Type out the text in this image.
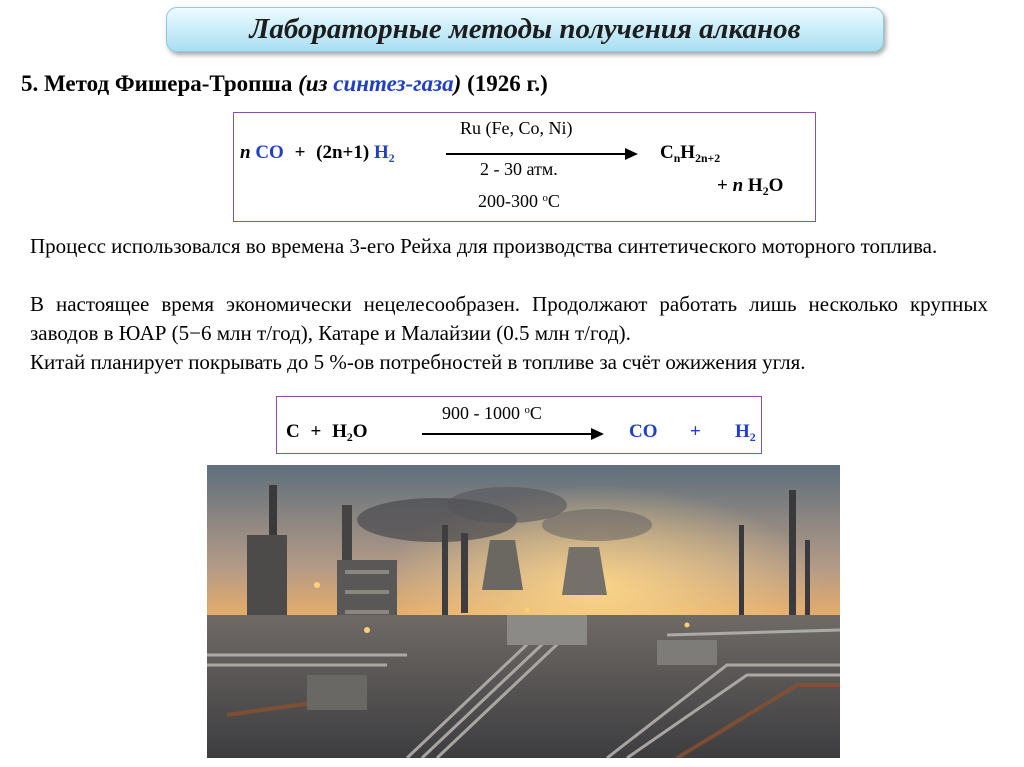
Лабораторные методы получения алканов
5. Метод Фишера-Тропша (из синтез-газа) (1926 г.)
n CO + (2n+1) $H_2$
Ru (Fe, Co, Ni)
2 - 30 атм.
200-300 $^o$C
$C_nH_{2n+2}$
+ n $H_2O$
Процесс использовался во времена 3-его Рейха для производства синтетического моторного топлива.
В настоящее время экономически нецелесообразен. Продолжают работать лишь несколько крупных заводов в ЮАР (5−6 млн т/год), Катаре и Малайзии (0.5 млн т/год).
Китай планирует покрывать до 5 %-ов потребностей в топливе за счёт ожижения угля.
$C + H_2O$
900 - 1000 $^o$C
CO + $H_2$
